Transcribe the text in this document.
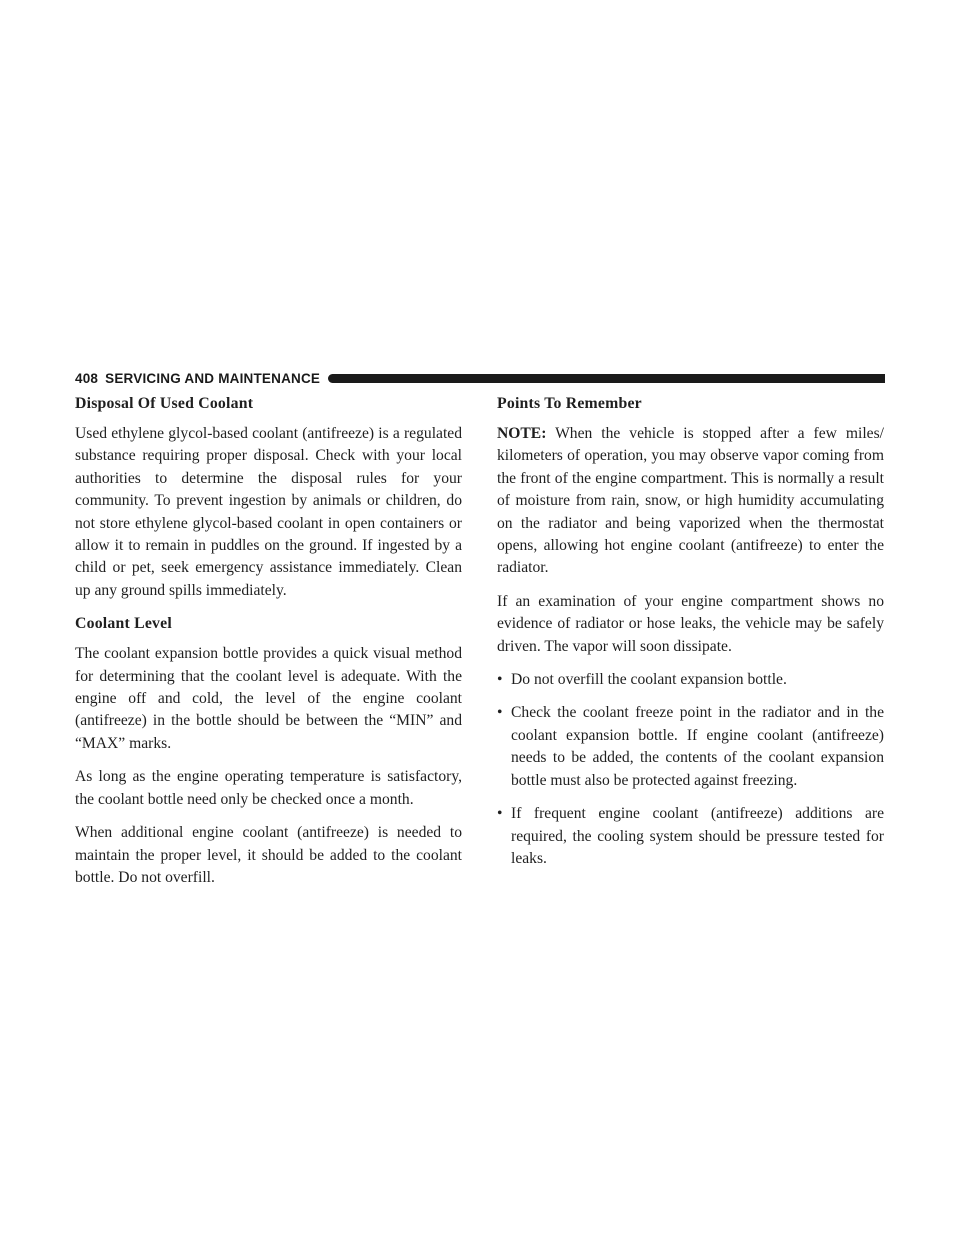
408 SERVICING AND MAINTENANCE
Disposal Of Used Coolant

Used ethylene glycol-based coolant (antifreeze) is a regulated substance requiring proper disposal. Check with your local authorities to determine the disposal rules for your community. To prevent ingestion by animals or children, do not store ethylene glycol-based coolant in open containers or allow it to remain in puddles on the ground. If ingested by a child or pet, seek emergency assistance immediately. Clean up any ground spills immediately.

Coolant Level

The coolant expansion bottle provides a quick visual method for determining that the coolant level is adequate. With the engine off and cold, the level of the engine coolant (antifreeze) in the bottle should be between the “MIN” and “MAX” marks.

As long as the engine operating temperature is satisfactory, the coolant bottle need only be checked once a month.

When additional engine coolant (antifreeze) is needed to maintain the proper level, it should be added to the coolant bottle. Do not overfill.

Points To Remember

NOTE: When the vehicle is stopped after a few miles/ kilometers of operation, you may observe vapor coming from the front of the engine compartment. This is normally a result of moisture from rain, snow, or high humidity accumulating on the radiator and being vaporized when the thermostat opens, allowing hot engine coolant (antifreeze) to enter the radiator.

If an examination of your engine compartment shows no evidence of radiator or hose leaks, the vehicle may be safely driven. The vapor will soon dissipate.

• Do not overfill the coolant expansion bottle.
• Check the coolant freeze point in the radiator and in the coolant expansion bottle. If engine coolant (antifreeze) needs to be added, the contents of the coolant expansion bottle must also be protected against freezing.
• If frequent engine coolant (antifreeze) additions are required, the cooling system should be pressure tested for leaks.
